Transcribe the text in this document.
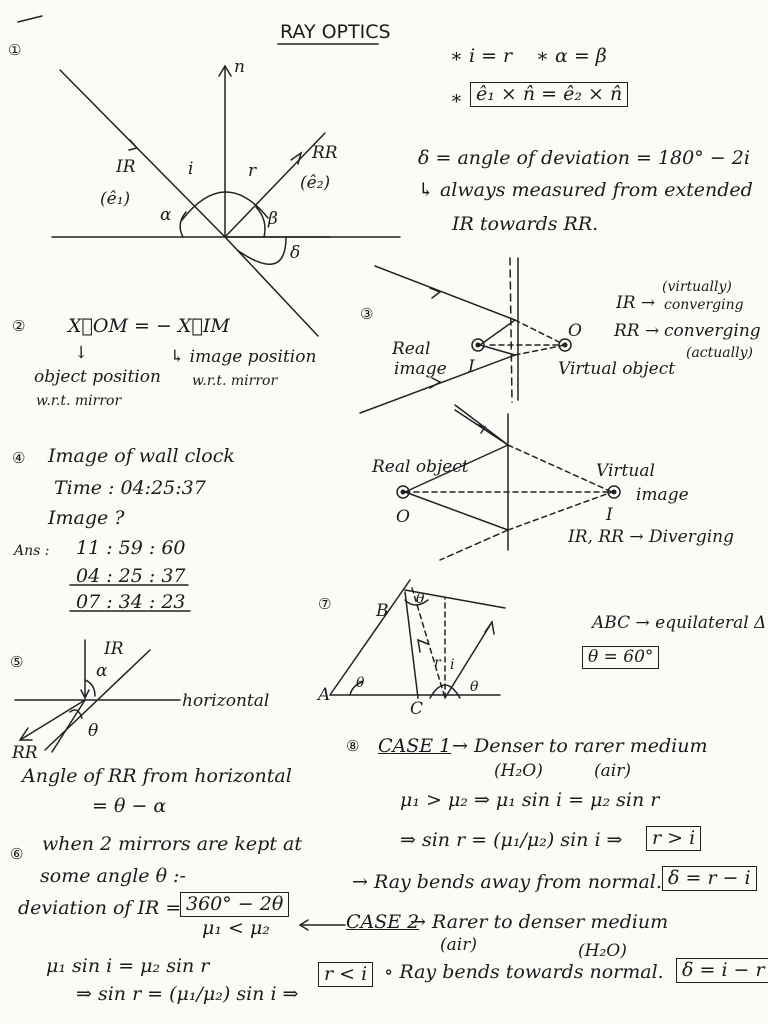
RAY OPTICS
①	∗ i = r ∗ α = β
∗ ê₁ × n̂ = ê₂ × n̂
δ = angle of deviation = 180° − 2i
↳ always measured from extended
IR towards RR.
n
IR
(ê₁)
i	r
RR
(ê₂)
α	β
δ
② X⃗OM = − X⃗IM
↓
object position
w.r.t. mirror
↳ image position
w.r.t. mirror
③
IR →
(virtually)
converging
RR → converging
(actually)
Real
image I
O
Virtual object
Real object
O
Virtual
image
I
IR, RR → Diverging
④ Image of wall clock
Time : 04:25:37
Image ?
Ans : 11 : 59 : 60
04 : 25 : 37
07 : 34 : 23
⑤
IR
α
θ
horizontal
RR
Angle of RR from horizontal
= θ − α
⑥ when 2 mirrors are kept at
some angle θ :-
deviation of IR = 360° − 2θ
⑦
ABC → equilateral Δ
θ = 60°
A
B
C
θ
θ	θ
r i
⑧ CASE 1 → Denser to rarer medium
(H₂O)	(air)
μ₁ > μ₂ ⇒ μ₁ sin i = μ₂ sin r
⇒ sin r = (μ₁/μ₂) sin i ⇒	r > i
→ Ray bends away from normal. δ = r − i
μ₁ < μ₂	CASE 2
→ Rarer to denser medium
(air)	(H₂O)
μ₁ sin i = μ₂ sin r
⇒ sin r = (μ₁/μ₂) sin i ⇒
r < i ∘ Ray bends towards normal. δ = i − r
